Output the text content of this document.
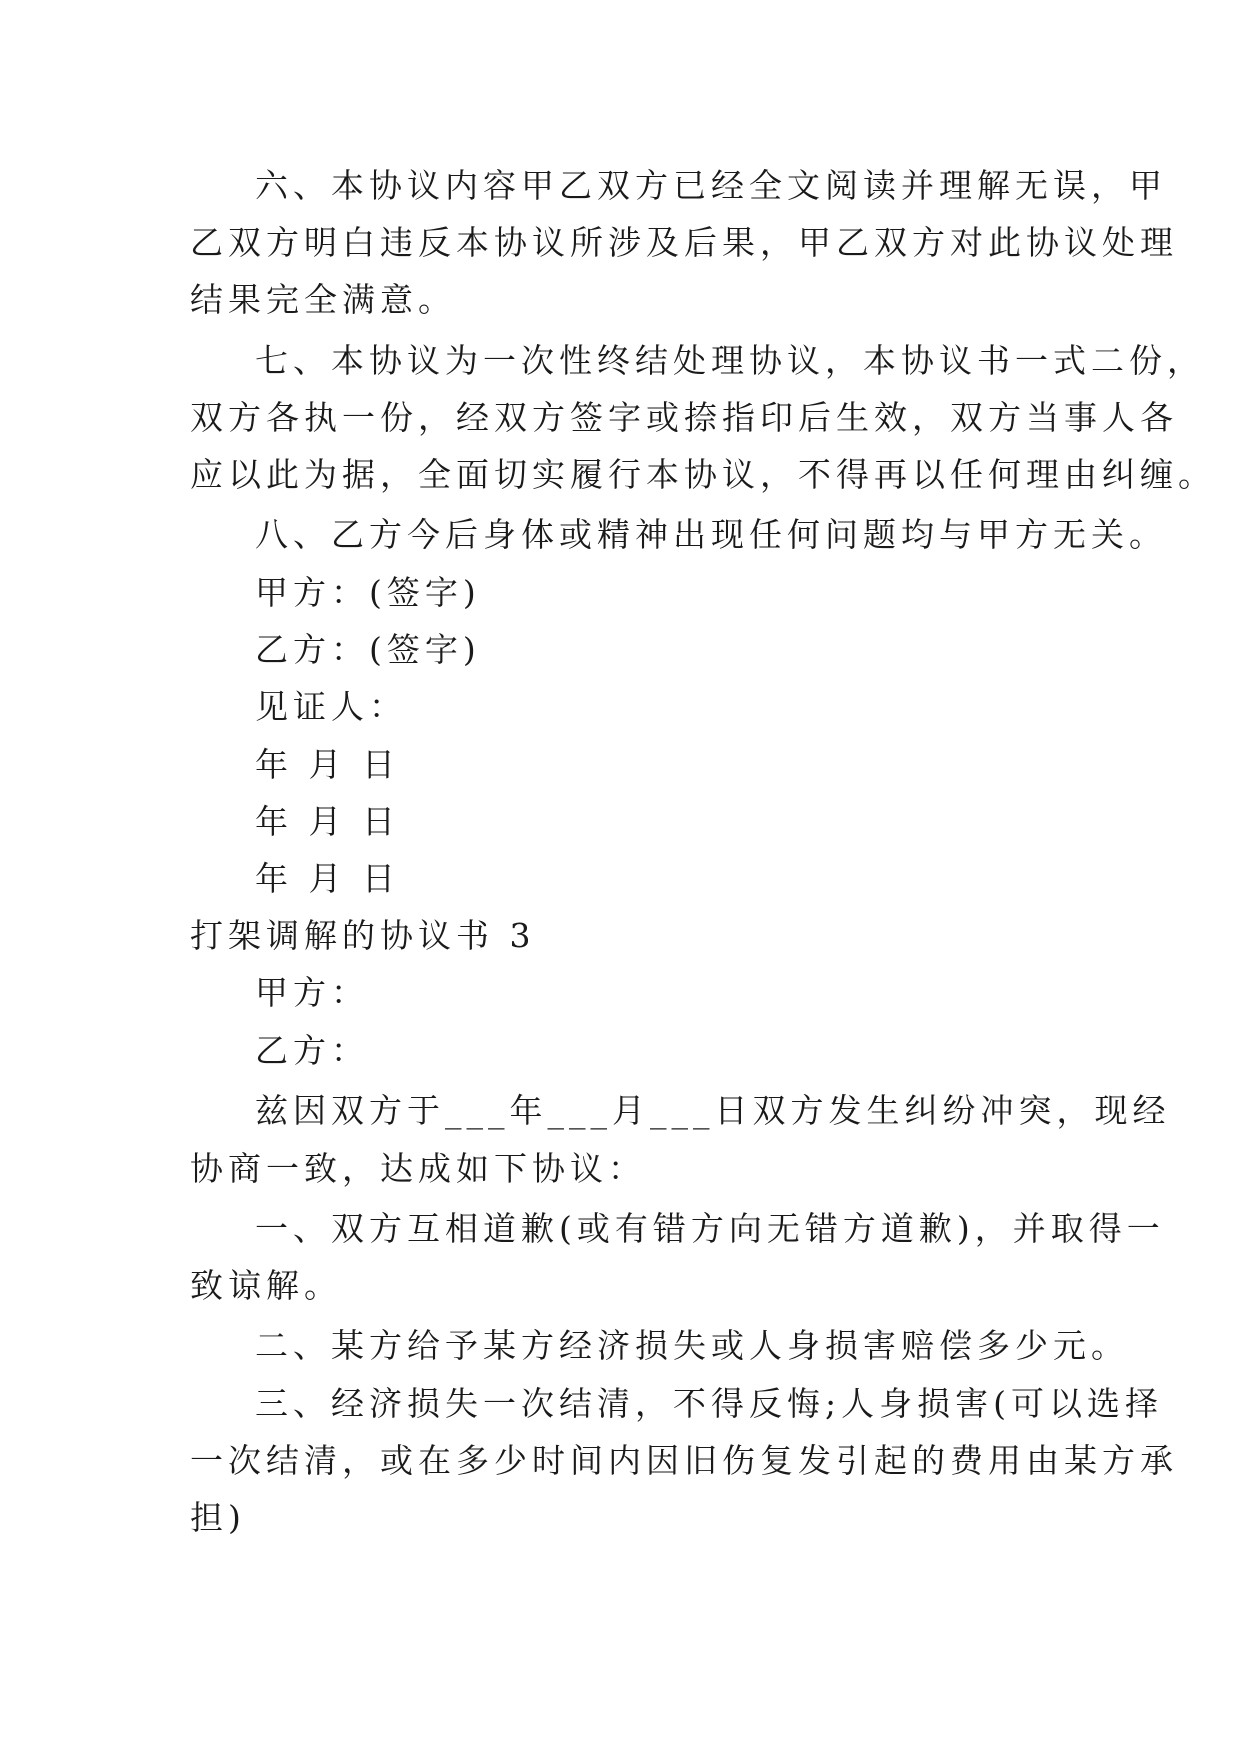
六、本协议内容甲乙双方已经全文阅读并理解无误，甲
乙双方明白违反本协议所涉及后果，甲乙双方对此协议处理
结果完全满意。
七、本协议为一次性终结处理协议，本协议书一式二份，
双方各执一份，经双方签字或捺指印后生效，双方当事人各
应以此为据，全面切实履行本协议，不得再以任何理由纠缠。
八、乙方今后身体或精神出现任何问题均与甲方无关。
甲方：(签字)
乙方：(签字)
见证人：
年 月 日
年 月 日
年 月 日
打架调解的协议书 3
甲方：
乙方：
兹因双方于___年___月___日双方发生纠纷冲突，现经
协商一致，达成如下协议：
一、双方互相道歉(或有错方向无错方道歉)，并取得一
致谅解。
二、某方给予某方经济损失或人身损害赔偿多少元。
三、经济损失一次结清，不得反悔;人身损害(可以选择
一次结清，或在多少时间内因旧伤复发引起的费用由某方承
担)
